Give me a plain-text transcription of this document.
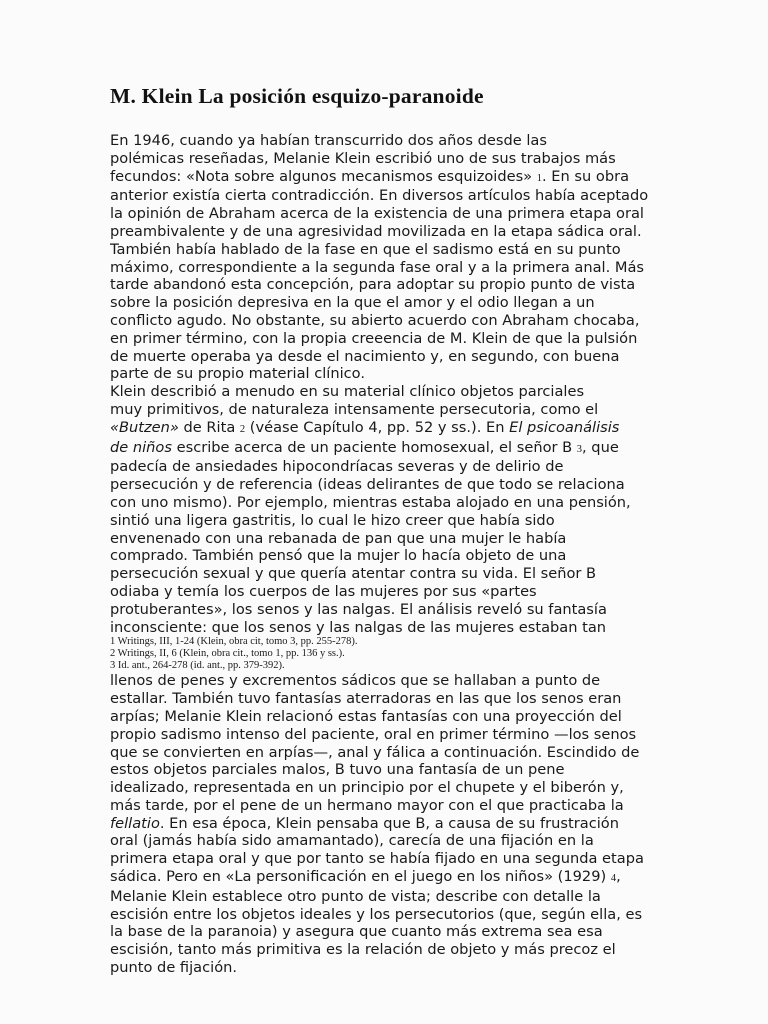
M. Klein La posición esquizo-paranoide
En 1946, cuando ya habían transcurrido dos años desde las
polémicas reseñadas, Melanie Klein escribió uno de sus trabajos más
fecundos: «Nota sobre algunos mecanismos esquizoides» 1. En su obra
anterior existía cierta contradicción. En diversos artículos había aceptado
la opinión de Abraham acerca de la existencia de una primera etapa oral
preambivalente y de una agresividad movilizada en la etapa sádica oral.
También había hablado de la fase en que el sadismo está en su punto
máximo, correspondiente a la segunda fase oral y a la primera anal. Más
tarde abandonó esta concepción, para adoptar su propio punto de vista
sobre la posición depresiva en la que el amor y el odio llegan a un
conflicto agudo. No obstante, su abierto acuerdo con Abraham chocaba,
en primer término, con la propia creeencia de M. Klein de que la pulsión
de muerte operaba ya desde el nacimiento y, en segundo, con buena
parte de su propio material clínico.
Klein describió a menudo en su material clínico objetos parciales
muy primitivos, de naturaleza intensamente persecutoria, como el
«Butzen» de Rita 2 (véase Capítulo 4, pp. 52 y ss.). En El psicoanálisis
de niños escribe acerca de un paciente homosexual, el señor B 3, que
padecía de ansiedades hipocondríacas severas y de delirio de
persecución y de referencia (ideas delirantes de que todo se relaciona
con uno mismo). Por ejemplo, mientras estaba alojado en una pensión,
sintió una ligera gastritis, lo cual le hizo creer que había sido
envenenado con una rebanada de pan que una mujer le había
comprado. También pensó que la mujer lo hacía objeto de una
persecución sexual y que quería atentar contra su vida. El señor B
odiaba y temía los cuerpos de las mujeres por sus «partes
protuberantes», los senos y las nalgas. El análisis reveló su fantasía
inconsciente: que los senos y las nalgas de las mujeres estaban tan
1 Writings, III, 1-24 (Klein, obra cit, tomo 3, pp. 255-278).
2 Writings, II, 6 (Klein, obra cit., tomo 1, pp. 136 y ss.).
3 Id. ant., 264-278 (id. ant., pp. 379-392).
llenos de penes y excrementos sádicos que se hallaban a punto de
estallar. También tuvo fantasías aterradoras en las que los senos eran
arpías; Melanie Klein relacionó estas fantasías con una proyección del
propio sadismo intenso del paciente, oral en primer término —los senos
que se convierten en arpías—, anal y fálica a continuación. Escindido de
estos objetos parciales malos, B tuvo una fantasía de un pene
idealizado, representada en un principio por el chupete y el biberón y,
más tarde, por el pene de un hermano mayor con el que practicaba la
fellatio. En esa época, Klein pensaba que B, a causa de su frustración
oral (jamás había sido amamantado), carecía de una fijación en la
primera etapa oral y que por tanto se había fijado en una segunda etapa
sádica. Pero en «La personificación en el juego en los niños» (1929) 4,
Melanie Klein establece otro punto de vista; describe con detalle la
escisión entre los objetos ideales y los persecutorios (que, según ella, es
la base de la paranoia) y asegura que cuanto más extrema sea esa
escisión, tanto más primitiva es la relación de objeto y más precoz el
punto de fijación.
